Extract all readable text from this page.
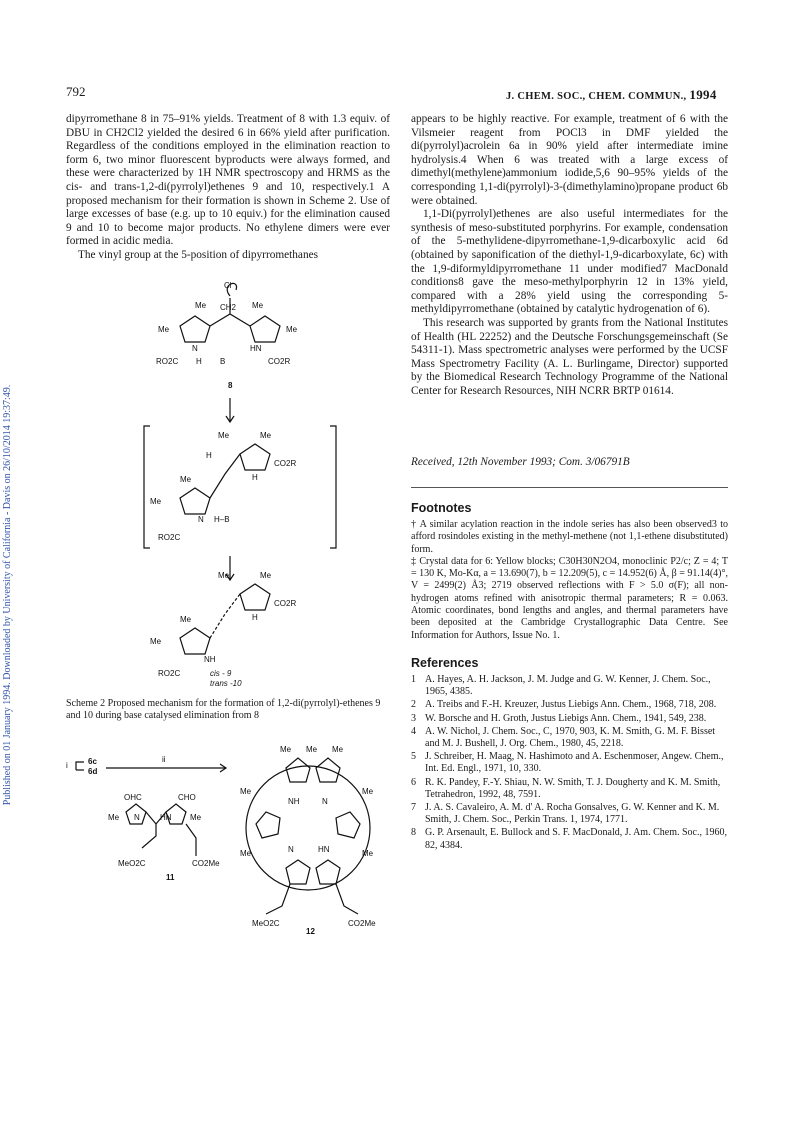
792	J. CHEM. SOC., CHEM. COMMUN., 1994
Published on 01 January 1994. Downloaded by University of California - Davis on 26/10/2014 19:37:49.

dipyrromethane 8 in 75–91% yields. Treatment of 8 with 1.3 equiv. of DBU in CH2Cl2 yielded the desired 6 in 66% yield after purification. Regardless of the conditions employed in the elimination reaction to form 6, two minor fluorescent byproducts were always formed, and these were characterized by 1H NMR spectroscopy and HRMS as the cis- and trans-1,2-di(pyrrolyl)ethenes 9 and 10, respectively.1 A proposed mechanism for their formation is shown in Scheme 2. Use of large excesses of base (e.g. up to 10 equiv.) for the elimination caused 9 and 10 to become major products. No ethylene dimers were ever formed in acidic media.

The vinyl group at the 5-position of dipyrromethanes

Cl
CH2
Me	Me
Me	Me
N	HN
RO2C H B	CO2R
8
Me	Me
H
CO2R
H
Me
Me
N H–B
RO2C
Me	Me
CO2R
H
Me
Me
NH
RO2C	cis - 9
trans -10
Scheme 2 Proposed mechanism for the formation of 1,2-di(pyrrolyl)-ethenes 9 and 10 during base catalysed elimination from 8
i	6c
6d
ii
OHC	CHO
Me	Me
N	HN
MeO2C	CO2Me
11
Me Me Me
Me	Me
NH	N
N	HN
Me	Me
MeO2C	CO2Me
12

appears to be highly reactive. For example, treatment of 6 with the Vilsmeier reagent from POCl3 in DMF yielded the di(pyrrolyl)acrolein 6a in 90% yield after intermediate imine hydrolysis.4 When 6 was treated with a large excess of dimethyl(methylene)ammonium iodide,5,6 90–95% yields of the corresponding 1,1-di(pyrrolyl)-3-(dimethylamino)propane product 6b were obtained.

1,1-Di(pyrrolyl)ethenes are also useful intermediates for the synthesis of meso-substituted porphyrins. For example, condensation of the 5-methylidene-dipyrromethane-1,9-dicarboxylic acid 6d (obtained by saponification of the diethyl-1,9-dicarboxylate, 6c) with the 1,9-diformyldipyrromethane 11 under modified7 MacDonald conditions8 gave the meso-methylporphyrin 12 in 13% yield, compared with a 28% yield using the corresponding 5-methyldipyrromethane (obtained by catalytic hydrogenation of 6).

This research was supported by grants from the National Institutes of Health (HL 22252) and the Deutsche Forschungsgemeinschaft (Se 54311-1). Mass spectrometric analyses were performed by the UCSF Mass Spectrometry Facility (A. L. Burlingame, Director) supported by the Biomedical Research Technology Programme of the National Center for Research Resources, NIH NCRR BRTP 01614.

Received, 12th November 1993; Com. 3/06791B
Footnotes

† A similar acylation reaction in the indole series has also been observed3 to afford rosindoles existing in the methyl-methene (not 1,1-ethene disubstituted) form.

‡ Crystal data for 6: Yellow blocks; C30H30N2O4, monoclinic P2/c; Z = 4; T = 130 K, Mo-Kα, a = 13.690(7), b = 12.209(5), c = 14.952(6) Å, β = 91.14(4)°, V = 2499(2) Å3; 2719 observed reflections with F > 5.0 σ(F); all non-hydrogen atoms refined with anisotropic thermal parameters; R = 0.063. Atomic coordinates, bond lengths and angles, and thermal parameters have been deposited at the Cambridge Crystallographic Data Centre. See Information for Authors, Issue No. 1.

References
1 A. Hayes, A. H. Jackson, J. M. Judge and G. W. Kenner, J. Chem. Soc., 1965, 4385.
2 A. Treibs and F.-H. Kreuzer, Justus Liebigs Ann. Chem., 1968, 718, 208.
3 W. Borsche and H. Groth, Justus Liebigs Ann. Chem., 1941, 549, 238.
4 A. W. Nichol, J. Chem. Soc., C, 1970, 903, K. M. Smith, G. M. F. Bisset and M. J. Bushell, J. Org. Chem., 1980, 45, 2218.
5 J. Schreiber, H. Maag, N. Hashimoto and A. Eschenmoser, Angew. Chem., Int. Ed. Engl., 1971, 10, 330.
6 R. K. Pandey, F.-Y. Shiau, N. W. Smith, T. J. Dougherty and K. M. Smith, Tetrahedron, 1992, 48, 7591.
7 J. A. S. Cavaleiro, A. M. d' A. Rocha Gonsalves, G. W. Kenner and K. M. Smith, J. Chem. Soc., Perkin Trans. 1, 1974, 1771.
8 G. P. Arsenault, E. Bullock and S. F. MacDonald, J. Am. Chem. Soc., 1960, 82, 4384.
